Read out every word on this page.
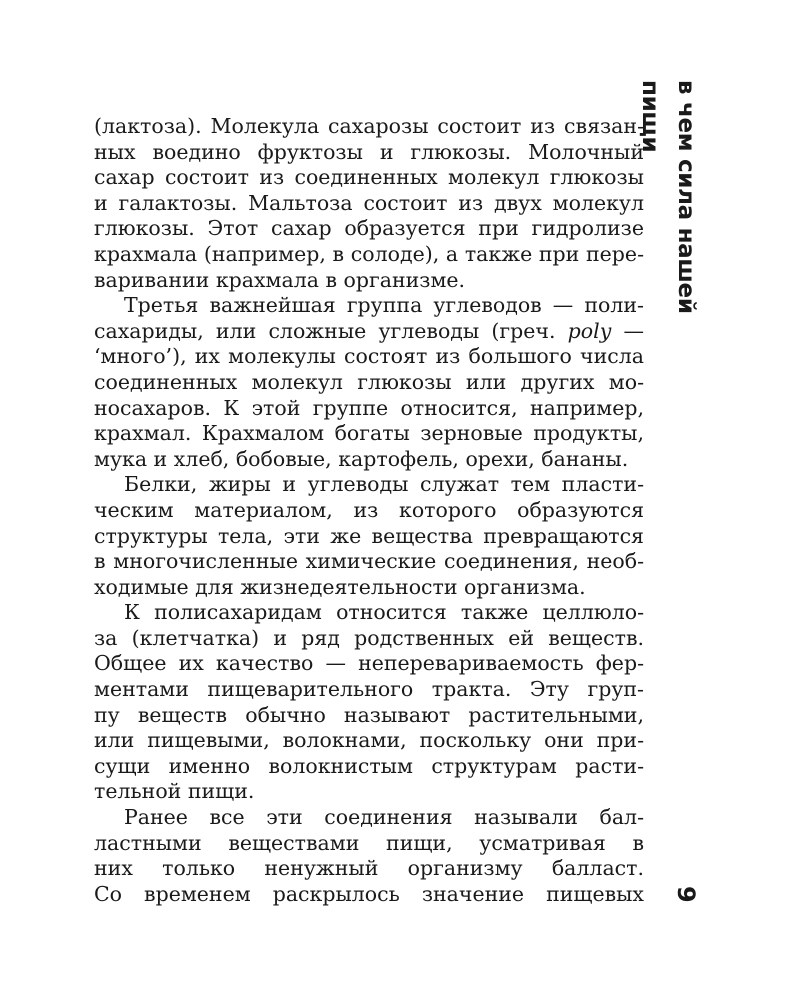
(лактоза). Молекула сахарозы состоит из связан-
ных воедино фруктозы и глюкозы. Молочный
сахар состоит из соединенных молекул глюкозы
и галактозы. Мальтоза состоит из двух молекул
глюкозы. Этот сахар образуется при гидролизе
крахмала (например, в солоде), а также при пере-
варивании крахмала в организме.
Третья важнейшая группа углеводов — поли-
сахариды, или сложные углеводы (греч. poly —
‘много’), их молекулы состоят из большого числа
соединенных молекул глюкозы или других мо-
носахаров. К этой группе относится, например,
крахмал. Крахмалом богаты зерновые продукты,
мука и хлеб, бобовые, картофель, орехи, бананы.
Белки, жиры и углеводы служат тем пласти-
ческим материалом, из которого образуются
структуры тела, эти же вещества превращаются
в многочисленные химические соединения, необ-
ходимые для жизнедеятельности организма.
К полисахаридам относится также целлюло-
за (клетчатка) и ряд родственных ей веществ.
Общее их качество — неперевариваемость фер-
ментами пищеварительного тракта. Эту груп-
пу веществ обычно называют растительными,
или пищевыми, волокнами, поскольку они при-
сущи именно волокнистым структурам расти-
тельной пищи.
Ранее все эти соединения называли бал-
ластными веществами пищи, усматривая в
них только ненужный организму балласт.
Со временем раскрылось значение пищевых
в чем сила нашей пищи
9
